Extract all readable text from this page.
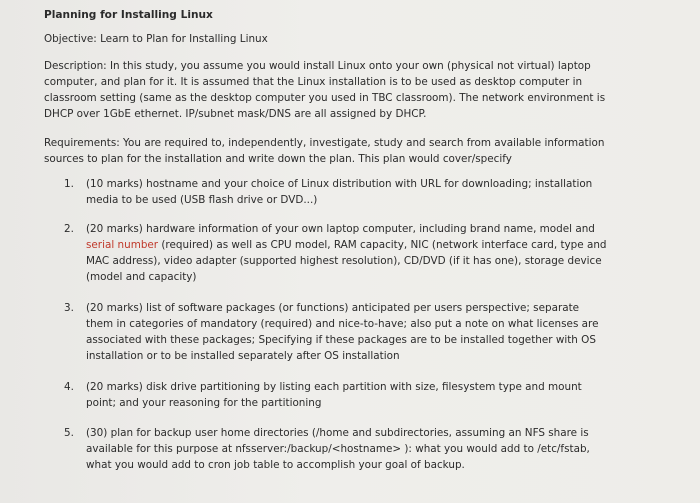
Planning for Installing Linux
Objective: Learn to Plan for Installing Linux

Description: In this study, you assume you would install Linux onto your own (physical not virtual) laptop computer, and plan for it. It is assumed that the Linux installation is to be used as desktop computer in classroom setting (same as the desktop computer you used in TBC classroom). The network environment is DHCP over 1GbE ethernet. IP/subnet mask/DNS are all assigned by DHCP.

Requirements: You are required to, independently, investigate, study and search from available information sources to plan for the installation and write down the plan. This plan would cover/specify

1.	(10 marks) hostname and your choice of Linux distribution with URL for downloading; installation media to be used (USB flash drive or DVD...)
2.	(20 marks) hardware information of your own laptop computer, including brand name, model and serial number (required) as well as CPU model, RAM capacity, NIC (network interface card, type and MAC address), video adapter (supported highest resolution), CD/DVD (if it has one), storage device (model and capacity)
3.	(20 marks) list of software packages (or functions) anticipated per users perspective; separate them in categories of mandatory (required) and nice-to-have; also put a note on what licenses are associated with these packages; Specifying if these packages are to be installed together with OS installation or to be installed separately after OS installation
4.	(20 marks) disk drive partitioning by listing each partition with size, filesystem type and mount point; and your reasoning for the partitioning
5.	(30) plan for backup user home directories (/home and subdirectories, assuming an NFS share is available for this purpose at nfsserver:/backup/<hostname> ): what you would add to /etc/fstab, what you would add to cron job table to accomplish your goal of backup.
